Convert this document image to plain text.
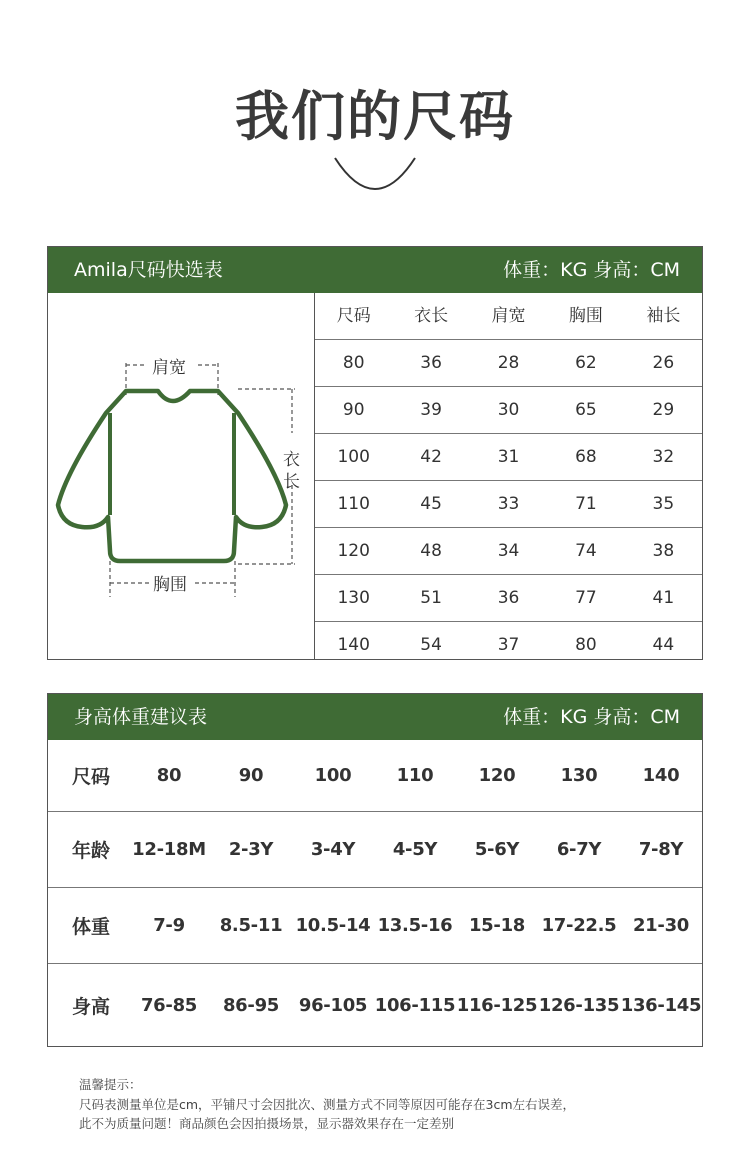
我们的尺码
Amila尺码快选表	体重：KG 身高：CM
肩宽
衣
长
胸围
尺码	衣长	肩宽	胸围	袖长
80	36	28	62	26
90	39	30	65	29
100	42	31	68	32
110	45	33	71	35
120	48	34	74	38
130	51	36	77	41
140	54	37	80	44
身高体重建议表	体重：KG 身高：CM
尺码	80	90	100	110	120	130	140
年龄	12-18M	2-3Y	3-4Y	4-5Y	5-6Y	6-7Y	7-8Y
体重	7-9	8.5-11 10.5-14 13.5-16 15-18 17-22.5 21-30
身高	76-85	86-95	96-105 106-115 116-125 126-135 136-145
温馨提示：
尺码表测量单位是cm，平铺尺寸会因批次、测量方式不同等原因可能存在3cm左右误差，
此不为质量问题！商品颜色会因拍摄场景，显示器效果存在一定差别
